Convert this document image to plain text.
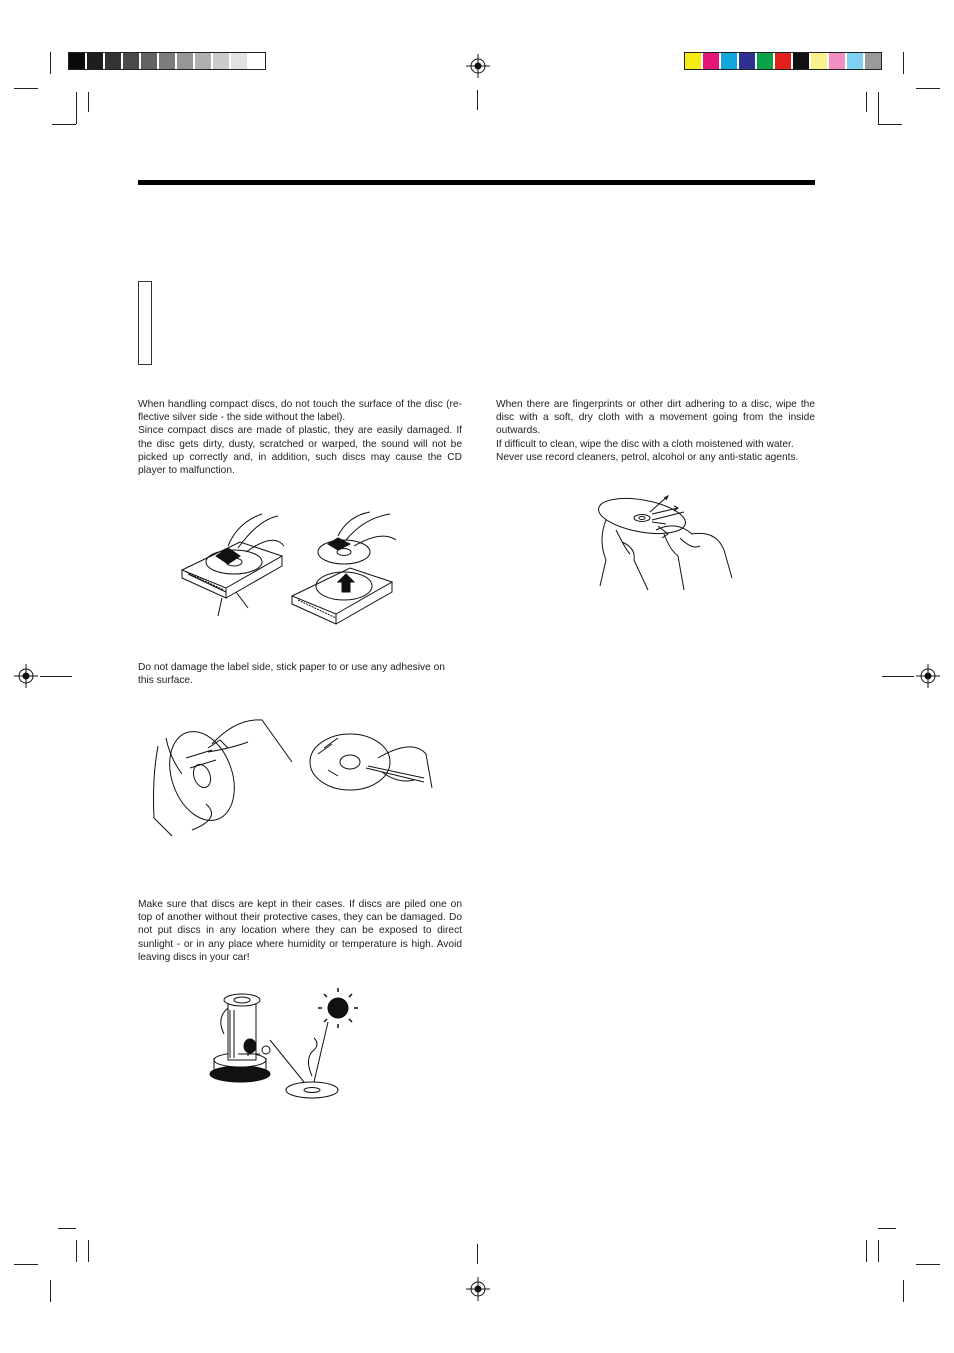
When handling compact discs, do not touch the surface of the disc (re-flective silver side - the side without the label).

Since compact discs are made of plastic, they are easily damaged. If the disc gets dirty, dusty, scratched or warped, the sound will not be picked up correctly and, in addition, such discs may cause the CD player to malfunction.

When there are fingerprints or other dirt adhering to a disc, wipe the disc with a soft, dry cloth with a movement going from the inside outwards.

If difficult to clean, wipe the disc with a cloth moistened with water.

Never use record cleaners, petrol, alcohol or any anti-static agents.

Do not damage the label side, stick paper to or use any adhesive on this surface.

Make sure that discs are kept in their cases. If discs are piled one on top of another without their protective cases, they can be damaged. Do not put discs in any location where they can be exposed to direct sunlight - or in any place where humidity or temperature is high. Avoid leaving discs in your car!
